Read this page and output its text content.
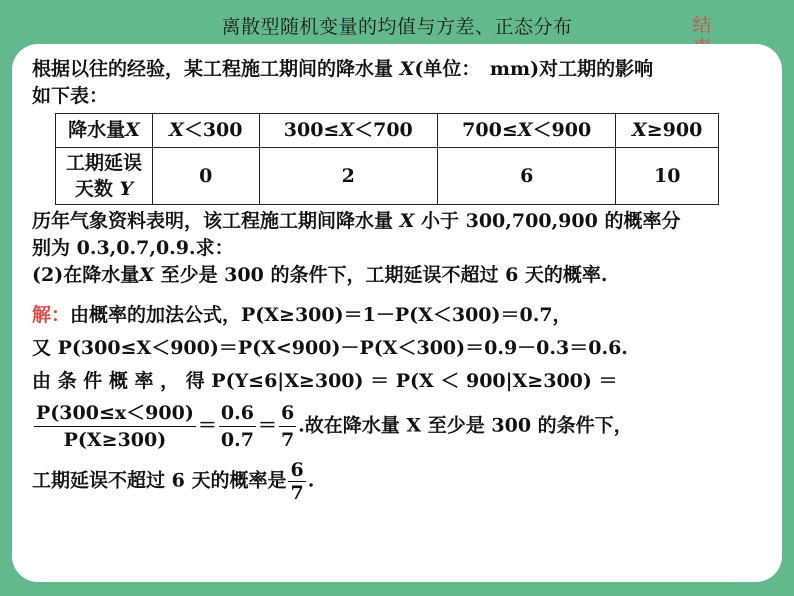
离散型随机变量的均值与方差、正态分布	结

根据以往的经验，某工程施工期间的降水量 X(单位：　mm)对工期的影响

如下表：

降水量X	X＜300	300≤X＜700	700≤X＜900	X≥900
工期延误
天数 Y	0	2	6	10

历年气象资料表明，该工程施工期间降水量 X 小于 300,700,900 的概率分

别为 0.3,0.7,0.9.求：

(2)在降水量X 至少是 300 的条件下，工期延误不超过 6 天的概率.

解：由概率的加法公式，P(X≥300)＝1－P(X＜300)＝0.7，

又 P(300≤X＜900)＝P(X<900)－P(X＜300)＝0.9－0.3＝0.6.

由 条 件 概 率 ， 得 P(Y≤6|X≥300) ＝ P(X ＜ 900|X≥300) ＝

$\frac{P(300\le x<900)}{P(X\ge 300)} = \frac{0.6}{0.7} = \frac{6}{7}$ .故在降水量 X 至少是 300 的条件下，

工期延误不超过 6 天的概率是 $\frac{6}{7}$ .
